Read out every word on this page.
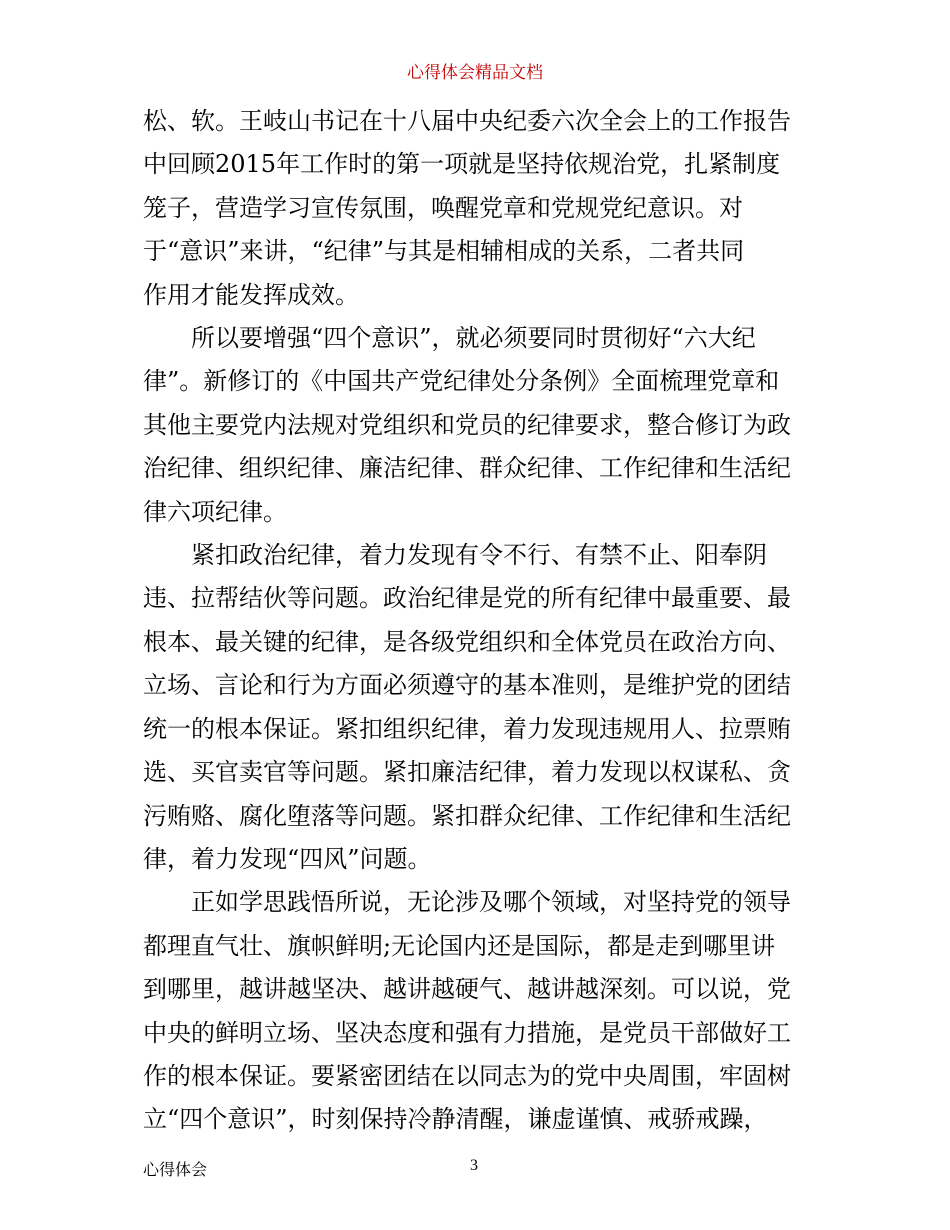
心得体会精品文档
松、软。王岐山书记在十八届中央纪委六次全会上的工作报告
中回顾2015年工作时的第一项就是坚持依规治党，扎紧制度
笼子，营造学习宣传氛围，唤醒党章和党规党纪意识。对
于“意识”来讲，“纪律”与其是相辅相成的关系，二者共同
作用才能发挥成效。
所以要增强“四个意识”，就必须要同时贯彻好“六大纪
律”。新修订的《中国共产党纪律处分条例》全面梳理党章和
其他主要党内法规对党组织和党员的纪律要求，整合修订为政
治纪律、组织纪律、廉洁纪律、群众纪律、工作纪律和生活纪
律六项纪律。
紧扣政治纪律，着力发现有令不行、有禁不止、阳奉阴
违、拉帮结伙等问题。政治纪律是党的所有纪律中最重要、最
根本、最关键的纪律，是各级党组织和全体党员在政治方向、
立场、言论和行为方面必须遵守的基本准则，是维护党的团结
统一的根本保证。紧扣组织纪律，着力发现违规用人、拉票贿
选、买官卖官等问题。紧扣廉洁纪律，着力发现以权谋私、贪
污贿赂、腐化堕落等问题。紧扣群众纪律、工作纪律和生活纪
律，着力发现“四风”问题。
正如学思践悟所说，无论涉及哪个领域，对坚持党的领导
都理直气壮、旗帜鲜明;无论国内还是国际，都是走到哪里讲
到哪里，越讲越坚决、越讲越硬气、越讲越深刻。可以说，党
中央的鲜明立场、坚决态度和强有力措施，是党员干部做好工
作的根本保证。要紧密团结在以同志为的党中央周围，牢固树
立“四个意识”，时刻保持冷静清醒，谦虚谨慎、戒骄戒躁，
心得体会	3
